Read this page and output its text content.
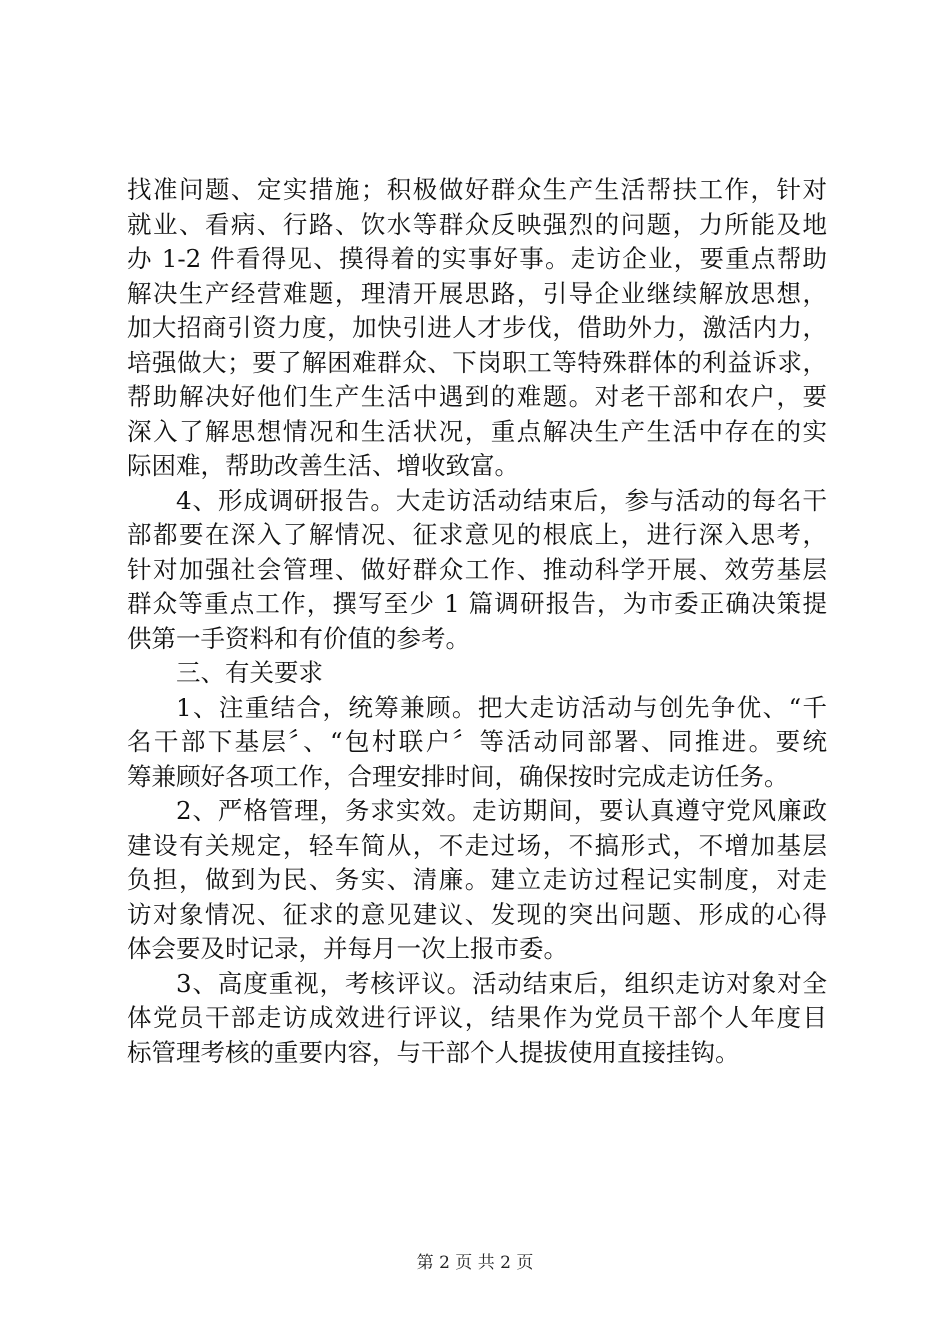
找准问题、定实措施；积极做好群众生产生活帮扶工作，针对
就业、看病、行路、饮水等群众反映强烈的问题，力所能及地
办 1-2 件看得见、摸得着的实事好事。走访企业，要重点帮助
解决生产经营难题，理清开展思路，引导企业继续解放思想，
加大招商引资力度，加快引进人才步伐，借助外力，激活内力，
培强做大；要了解困难群众、下岗职工等特殊群体的利益诉求，
帮助解决好他们生产生活中遇到的难题。对老干部和农户，要
深入了解思想情况和生活状况，重点解决生产生活中存在的实
际困难，帮助改善生活、增收致富。
4、形成调研报告。大走访活动结束后，参与活动的每名干
部都要在深入了解情况、征求意见的根底上，进行深入思考，
针对加强社会管理、做好群众工作、推动科学开展、效劳基层
群众等重点工作，撰写至少 1 篇调研报告，为市委正确决策提
供第一手资料和有价值的参考。
三、有关要求
1、注重结合，统筹兼顾。把大走访活动与创先争优、“千
名干部下基层〞、“包村联户〞等活动同部署、同推进。要统
筹兼顾好各项工作，合理安排时间，确保按时完成走访任务。
2、严格管理，务求实效。走访期间，要认真遵守党风廉政
建设有关规定，轻车简从，不走过场，不搞形式，不增加基层
负担，做到为民、务实、清廉。建立走访过程记实制度，对走
访对象情况、征求的意见建议、发现的突出问题、形成的心得
体会要及时记录，并每月一次上报市委。
3、高度重视，考核评议。活动结束后，组织走访对象对全
体党员干部走访成效进行评议，结果作为党员干部个人年度目
标管理考核的重要内容，与干部个人提拔使用直接挂钩。
第 2 页 共 2 页
